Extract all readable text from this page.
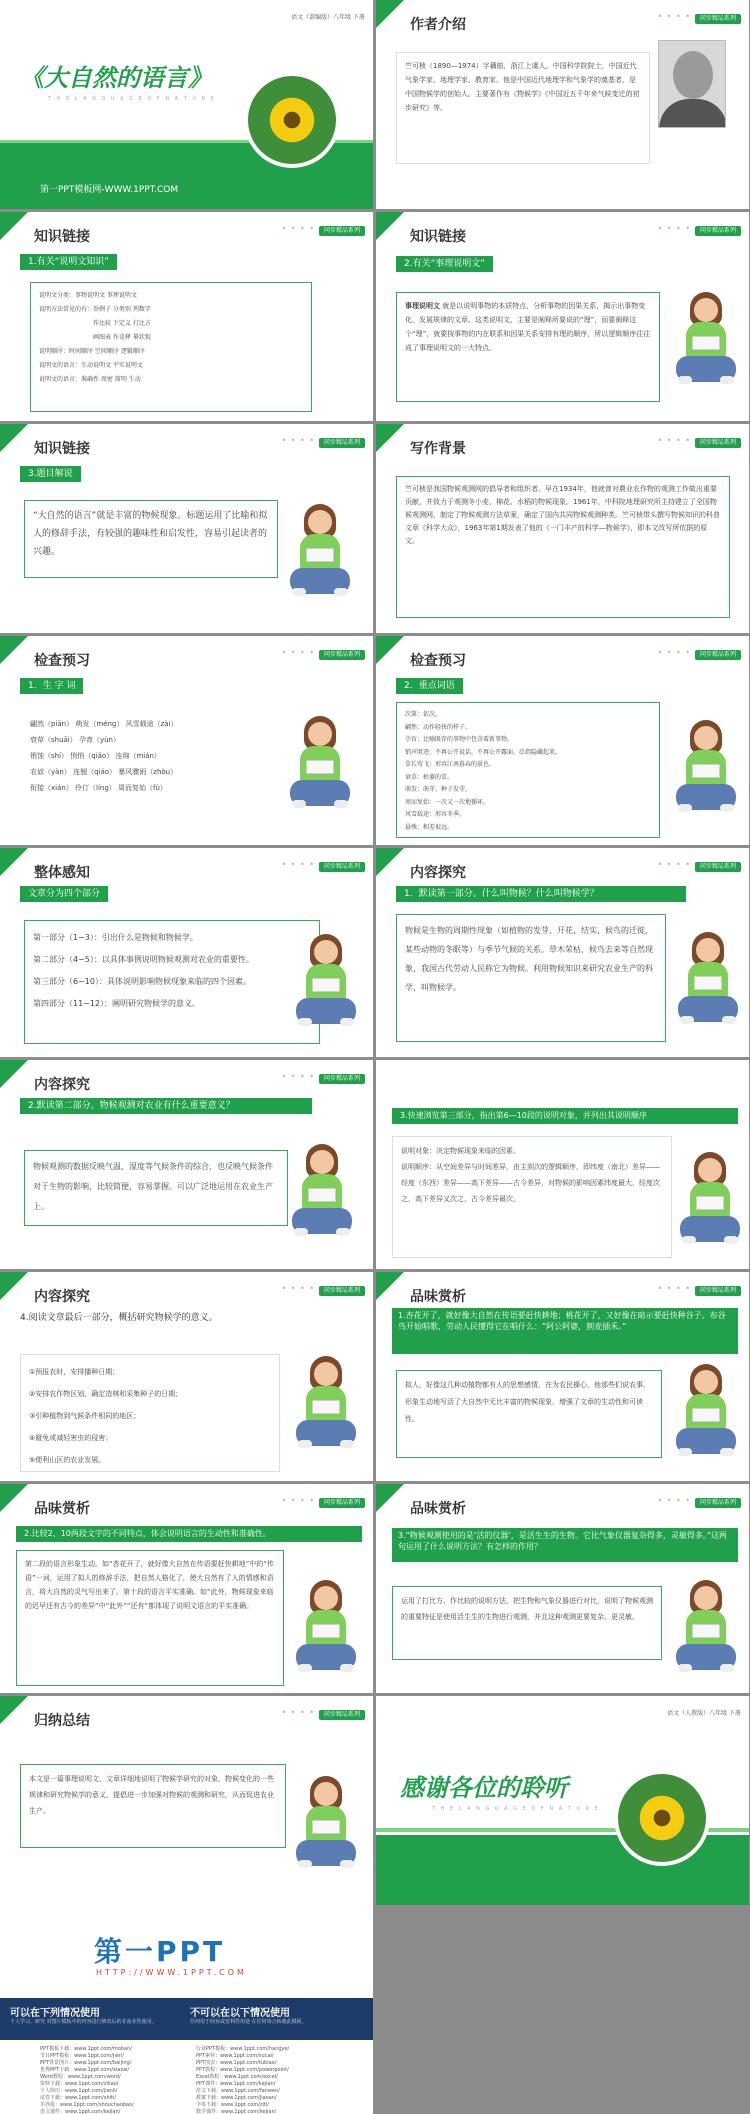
语文（部编版）八年级 下册
《大自然的语言》
T H E L A N G U A G E O F N A T U R E
第一PPT模板网-WWW.1PPT.COM
作者介绍
• • • •	同步精品系列
竺可桢（1890—1974）字藕舫，浙江上虞人。中国科学院院士，中国近代气象学家、地理学家、教育家。他是中国近代地理学和气象学的奠基者，是中国物候学的创始人。主要著作有《物候学》《中国近五千年来气候变迁的初步研究》等。
知识链接
• • • •	同步精品系列
1.有关“说明文知识”
说明文分类：事物说明文 事理说明文
说明方法常见的有：举例子 分类别 列数字
　　　　　　　　　作比较 下定义 打比方
　　　　　　　　　画图表 作诠释 摹状貌
说明顺序：时间顺序 空间顺序 逻辑顺序
说明文的语言：生动说明文 平实说明文
说明文的语言：准确性 周密 简明 生动
知识链接
• • • •	同步精品系列
2.有关“事理说明文”
事理说明文 就是以说明事物的本质特点，分析事物的因果关系，揭示出事物变化、发展规律的文章。这类说明文，主要是阐释所要说的“理”，而要阐释这个“理”，就要按事物的内在联系和因果关系安排有理的顺序，所以逻辑顺序往往成了事理说明文的一大特点。
知识链接
• • • •	同步精品系列
3.题目解说
“大自然的语言”就是丰富的物候现象。标题运用了比喻和拟人的修辞手法，有较强的趣味性和启发性，容易引起读者的兴趣。
写作背景
• • • •	同步精品系列
竺可桢是我国物候观测网的倡导者和组织者。早在1934年，他就曾对農业农作物的观测工作做出重要贡献，并致力于观测冬小麦、棉花、水稻的物候现象。1961年，中科院地理研究所主持建立了全国物候观测网，制定了物候观测方法草案，确定了国内共同物候观测种类。竺可桢带头撰写物候知识的科普文章《科学大众》，1963年第1期发表了他的《一门丰产的科学—物候学》，即本文改写所依据的原文。
检查预习
• • • •	同步精品系列
1．生 字 词
翩然（piān） 萌发（méng） 风雪载途（zài）
衰草（shuāi） 孕育（yùn）
销蚀（shí） 悄悄（qiǎo） 连绵（mián）
农谚（yàn） 连翘（qiáo） 暴风骤雨（zhòu）
衔接（xián） 伶仃（líng） 周而复始（fù）
检查预习
• • • •	同步精品系列
2．重点词语
次第：依次。
翩然：动作轻快的样子。
孕育：比喻既存的事物中包含着新事物。
销声匿迹：不再公开说话，不再公开露面。泛指隐藏起来。
草长莺飞：形容江南暮春的景色。
衰草：枯萎的草。
萌发：萌芽，种子发芽。
周而复始：一次又一次地循环。
风雪载途：形容冬季。
悬殊：相差很远。
整体感知
• • • •	同步精品系列
文章分为四个部分
第一部分（1−3）：引出什么是物候和物候学。
第二部分（4−5）：以具体事例说明物候观测对农业的重要性。
第三部分（6−10）：具体说明影响物候现象来临的四个因素。
第四部分（11−12）：阐明研究物候学的意义。
内容探究
• • • •	同步精品系列
1．默读第一部分。什么叫物候？什么叫物候学？
物候是生物的周期性现象（如植物的发芽、开花、结实，候鸟的迁徙，某些动物的冬眠等）与季节气候的关系。草木荣枯，候鸟去来等自然现象，我国古代劳动人民称它为物候。利用物候知识来研究农业生产的科学，叫物候学。
内容探究
• • • •	同步精品系列
2.默读第二部分。物候观测对农业有什么重要意义？
物候观测的数据反映气温、湿度等气候条件的综合，也反映气候条件对于生物的影响，比较简便，容易掌握。可以广泛地运用在农业生产上。
3.快速浏览第三部分，指出第6—10段的说明对象，并列出其说明顺序
说明对象：决定物候现象来临的因素。
说明顺序：从空间差异与时间差异，由主到次的逻辑顺序，即纬度（南北）差异——经度（东西）差异——高下差异——古今差异，对物候的影响因素纬度最大，经度次之，高下差异又次之，古今差异最次。
内容探究
• • • •	同步精品系列
4.阅读文章最后一部分，概括研究物候学的意义。
①预报农时，安排播种日期；
②安排农作物区划，确定造林和采集种子的日期；
③引种植物到气候条件相同的地区；
④避免或减轻害虫的侵害；
⑤便利山区的农业发展。
品味赏析
• • • •	同步精品系列
1.杏花开了，就好像大自然在传语要赶快耕地；桃花开了，又好像在暗示要赶快种谷子。布谷鸟开始唱歌，劳动人民懂得它在唱什么：“阿公阿婆，割麦插禾。”
拟人，好像这几种动植物都有人的思想感情，在为农民操心，他那些们说农事。形象生动地写活了大自然中无比丰富的物候现象，增强了文章的生动性和可读性。
品味赏析
• • • •	同步精品系列
2.比较2、10两段文字的不同特点，体会说明语言的生动性和准确性。
第二段的语言形象生动。如“杏花开了，就好像大自然在传语要赶快耕地”中的“传语”一词，运用了拟人的修辞手法，把自然人格化了，使大自然有了人的情感和语言，将大自然的灵气写出来了。第十段的语言平实准确。如“此外，物候现象来临的迟早还有古今的差异”中“此外”“还有”都体现了说明文语言的平实准确。
品味赏析
• • • •	同步精品系列
3.“物候观测使用的是‘活的仪器’，是活生生的生物。它比气象仪器复杂得多，灵敏得多。”这两句运用了什么说明方法？有怎样的作用？
运用了打比方、作比较的说明方法，把生物和气象仪器进行对比，说明了物候观测的重要特征是使用活生生的生物进行观测，并且这种观测更要复杂、更灵敏。
归纳总结
• • • •	同步精品系列
本文是一篇事理说明文，文章详细地说明了物候学研究的对象，物候变化的一些规律和研究物候学的意义，提倡进一步加强对物候的观测和研究，从而促进农业生产。
语文（人教版）八年级 下册
感谢各位的聆听
T H E L A N G U A G E O F N A T U R E
第一PPT
HTTP://WWW.1PPT.COM
可以在下列情况使用
个人学习、研究 对图片模板中的内容进行修改后的非商业性使用。
不可以在以下情况使用
任何用于商业或营利性用途 在任何场合转载此模板。
PPT模板下载：www.1ppt.com/moban/
节日PPT模板：www.1ppt.com/jieri/
PPT背景图片：www.1ppt.com/beijing/
优秀PPT下载：www.1ppt.com/xiazai/
Word教程：www.1ppt.com/word/
资料下载：www.1ppt.com/ziliao/
个人简历：www.1ppt.com/jianli/
试卷下载：www.1ppt.com/shiti/
手抄报：www.1ppt.com/shouchaobao/
语文课件：www.1ppt.com/kejian/
行业PPT模板：www.1ppt.com/hangye/
PPT素材：www.1ppt.com/sucai/
PPT图表：www.1ppt.com/tubiao/
PPT教程：www.1ppt.com/powerpoint/
Excel教程：www.1ppt.com/excel/
PPT课件：www.1ppt.com/kejian/
范文下载：www.1ppt.com/fanwen/
教案下载：www.1ppt.com/jiaoan/
字体下载：www.1ppt.com/ziti/
数学课件：www.1ppt.com/kejian/
